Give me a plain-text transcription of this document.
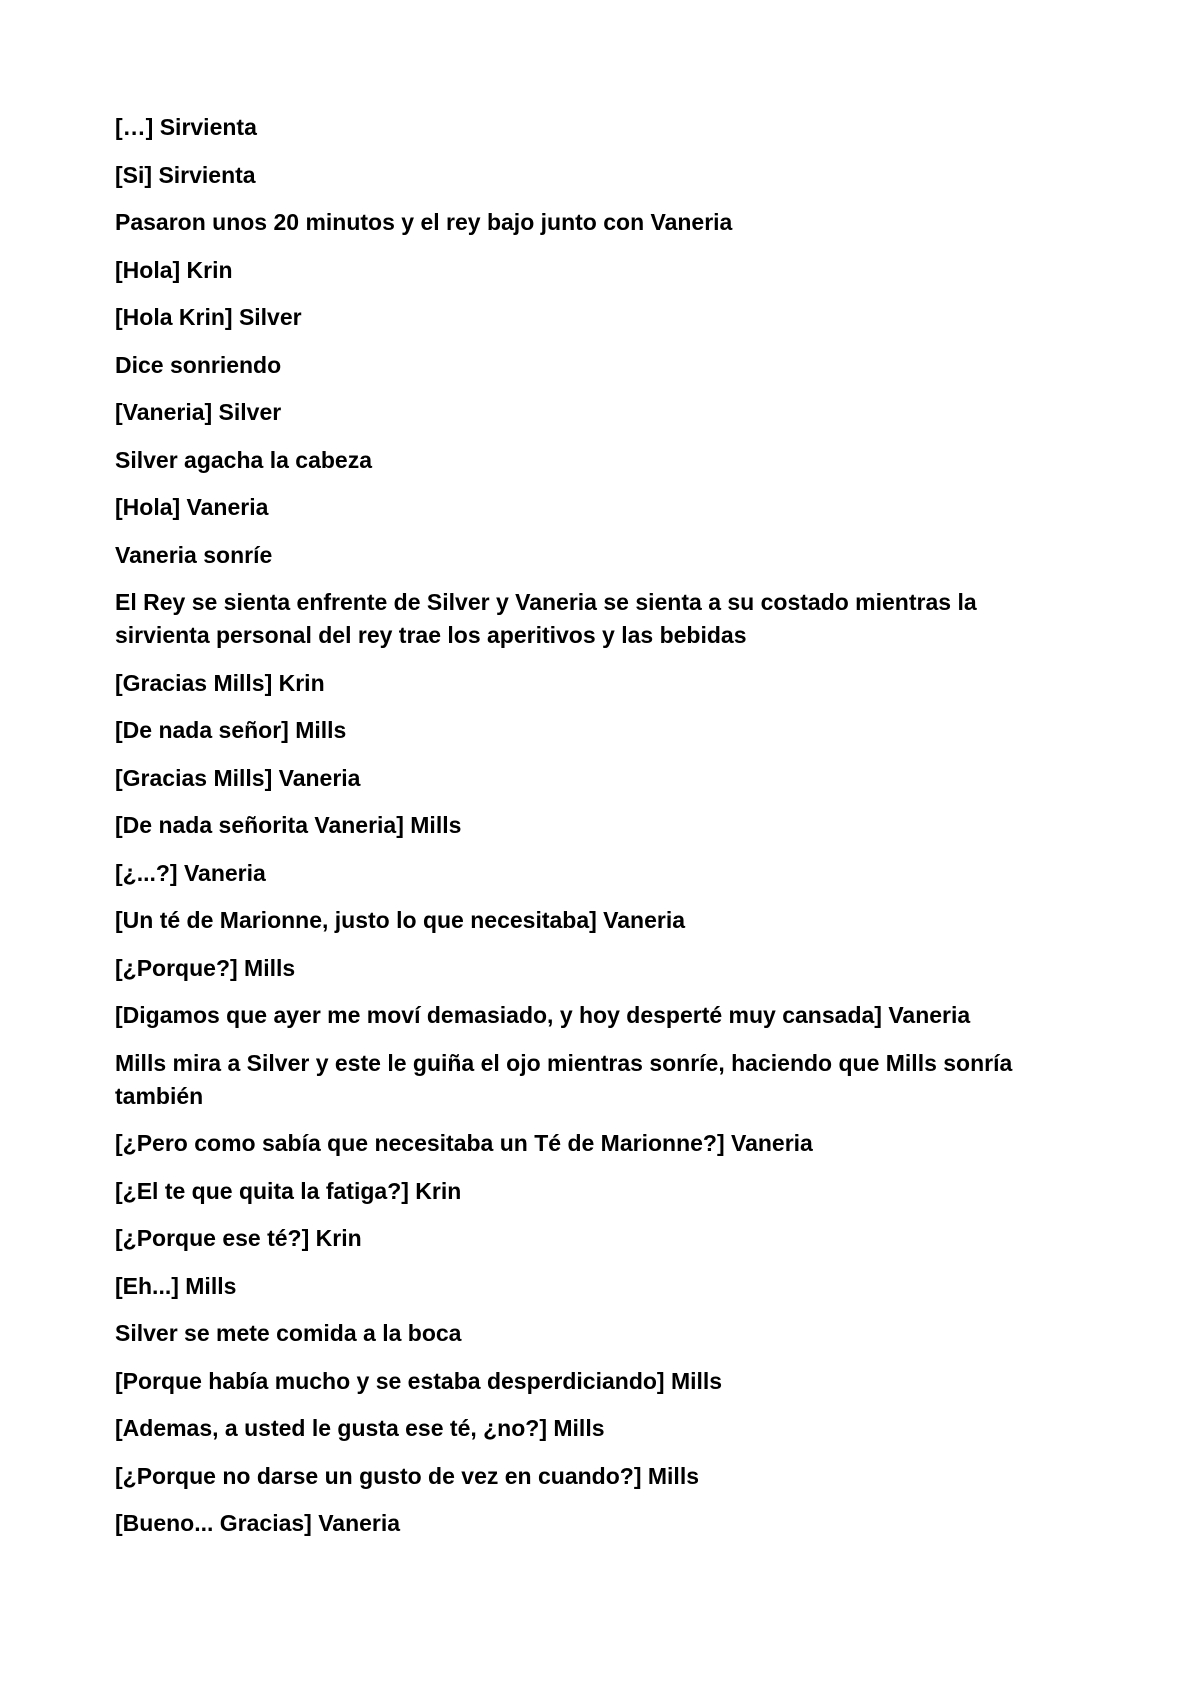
[…] Sirvienta

[Si] Sirvienta

Pasaron unos 20 minutos y el rey bajo junto con Vaneria

[Hola] Krin

[Hola Krin] Silver

Dice sonriendo

[Vaneria] Silver

Silver agacha la cabeza

[Hola] Vaneria

Vaneria sonríe

El Rey se sienta enfrente de Silver y Vaneria se sienta a su costado mientras la sirvienta personal del rey trae los aperitivos y las bebidas

[Gracias Mills] Krin

[De nada señor] Mills

[Gracias Mills] Vaneria

[De nada señorita Vaneria] Mills

[¿...?] Vaneria

[Un té de Marionne, justo lo que necesitaba] Vaneria

[¿Porque?] Mills

[Digamos que ayer me moví demasiado, y hoy desperté muy cansada] Vaneria

Mills mira a Silver y este le guiña el ojo mientras sonríe, haciendo que Mills sonría también

[¿Pero como sabía que necesitaba un Té de Marionne?] Vaneria

[¿El te que quita la fatiga?] Krin

[¿Porque ese té?] Krin

[Eh...] Mills

Silver se mete comida a la boca

[Porque había mucho y se estaba desperdiciando] Mills

[Ademas, a usted le gusta ese té, ¿no?] Mills

[¿Porque no darse un gusto de vez en cuando?] Mills

[Bueno... Gracias] Vaneria
